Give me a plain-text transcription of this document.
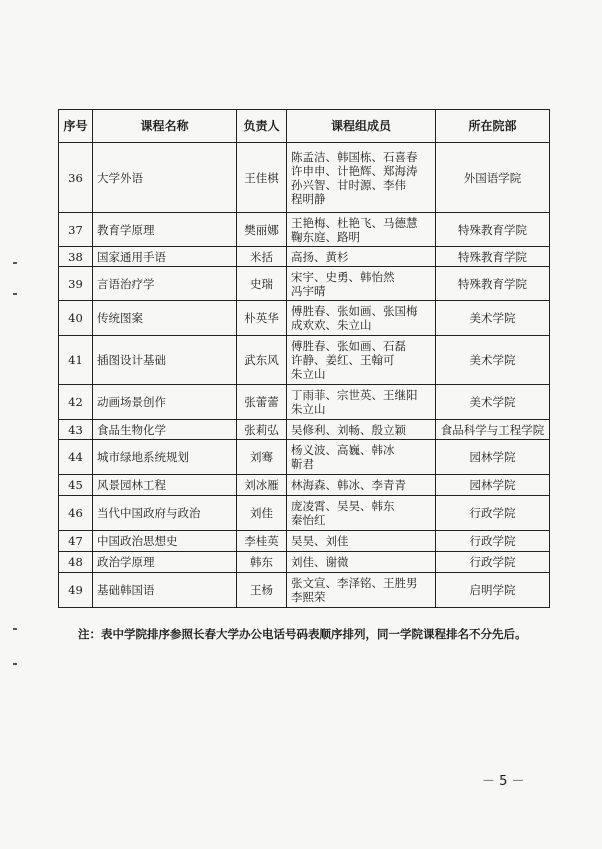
序号	课程名称	负责人	课程组成员	所在院部
36	大学外语	王佳棋	陈孟洁、韩国栋、石喜春
许申申、计艳辉、郑海涛
孙兴智、甘时源、李伟
程明静	外国语学院
37	教育学原理	樊丽娜	王艳梅、杜艳飞、马德慧
鞠东庭、路明	特殊教育学院
38	国家通用手语	米括	高扬、黄杉	特殊教育学院
39	言语治疗学	史瑞	宋宇、史勇、韩怡然
冯宇晴	特殊教育学院
40	传统图案	朴英华	傅胜春、张如画、张国梅
成欢欢、朱立山	美术学院
41	插图设计基础	武东风	傅胜春、张如画、石磊
许静、姜红、王翰可
朱立山	美术学院
42	动画场景创作	张蕾蕾	丁雨菲、宗世英、王继阳
朱立山	美术学院
43	食品生物化学	张莉弘	吴修利、刘畅、殷立颖	食品科学与工程学院
44	城市绿地系统规划	刘骞	杨义波、高巍、韩冰
靳君	园林学院
45	风景园林工程	刘冰雁	林海森、韩冰、李青青	园林学院
46	当代中国政府与政治	刘佳	庞凌霄、吴昊、韩东
秦怡红	行政学院
47	中国政治思想史	李桂英	吴昊、刘佳	行政学院
48	政治学原理	韩东	刘佳、谢微	行政学院
49	基础韩国语	王杨	张文宣、李泽铭、王胜男
李熙荣	启明学院
注：表中学院排序参照长春大学办公电话号码表顺序排列，同一学院课程排名不分先后。
－ 5 －
